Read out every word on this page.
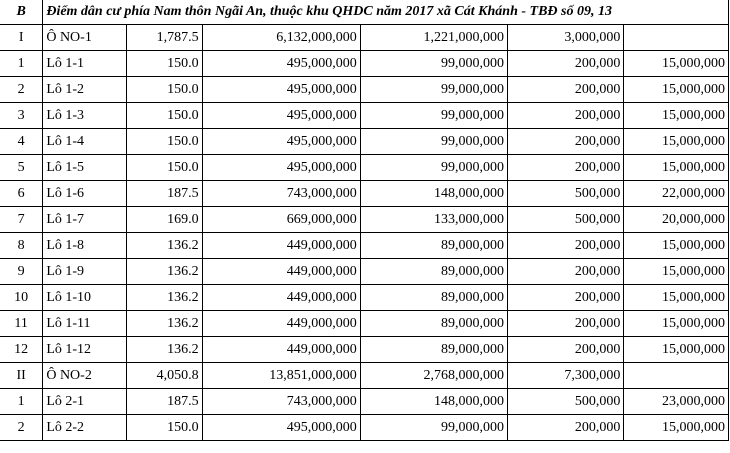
B	Điểm dân cư phía Nam thôn Ngãi An, thuộc khu QHDC năm 2017 xã Cát Khánh - TBĐ số 09, 13					
I	Ô NO-1	1,787.5	6,132,000,000	1,221,000,000	3,000,000	
1	Lô 1-1	150.0	495,000,000	99,000,000	200,000	15,000,000
2	Lô 1-2	150.0	495,000,000	99,000,000	200,000	15,000,000
3	Lô 1-3	150.0	495,000,000	99,000,000	200,000	15,000,000
4	Lô 1-4	150.0	495,000,000	99,000,000	200,000	15,000,000
5	Lô 1-5	150.0	495,000,000	99,000,000	200,000	15,000,000
6	Lô 1-6	187.5	743,000,000	148,000,000	500,000	22,000,000
7	Lô 1-7	169.0	669,000,000	133,000,000	500,000	20,000,000
8	Lô 1-8	136.2	449,000,000	89,000,000	200,000	15,000,000
9	Lô 1-9	136.2	449,000,000	89,000,000	200,000	15,000,000
10	Lô 1-10	136.2	449,000,000	89,000,000	200,000	15,000,000
11	Lô 1-11	136.2	449,000,000	89,000,000	200,000	15,000,000
12	Lô 1-12	136.2	449,000,000	89,000,000	200,000	15,000,000
II	Ô NO-2	4,050.8	13,851,000,000	2,768,000,000	7,300,000	
1	Lô 2-1	187.5	743,000,000	148,000,000	500,000	23,000,000
2	Lô 2-2	150.0	495,000,000	99,000,000	200,000	15,000,000
